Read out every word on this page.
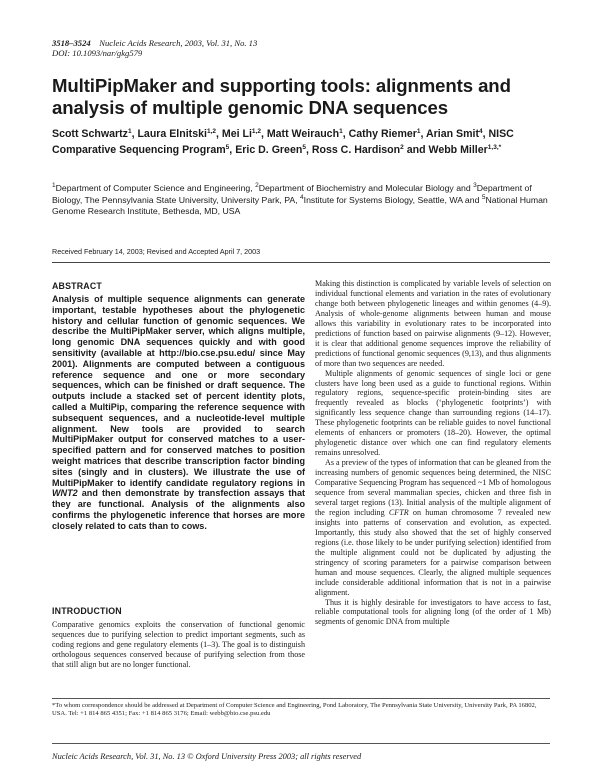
3518–3524 Nucleic Acids Research, 2003, Vol. 31, No. 13
DOI: 10.1093/nar/gkg579
MultiPipMaker and supporting tools: alignments and analysis of multiple genomic DNA sequences
Scott Schwartz$^1$, Laura Elnitski$^{1,2}$, Mei Li$^{1,2}$, Matt Weirauch$^1$, Cathy Riemer$^1$, Arian Smit$^4$, NISC Comparative Sequencing Program$^5$, Eric D. Green$^5$, Ross C. Hardison$^2$ and Webb Miller$^{1,3,*}$
$^1$Department of Computer Science and Engineering, $^2$Department of Biochemistry and Molecular Biology and $^3$Department of Biology, The Pennsylvania State University, University Park, PA, $^4$Institute for Systems Biology, Seattle, WA and $^5$National Human Genome Research Institute, Bethesda, MD, USA
Received February 14, 2003; Revised and Accepted April 7, 2003
ABSTRACT
Analysis of multiple sequence alignments can generate important, testable hypotheses about the phylogenetic history and cellular function of genomic sequences. We describe the MultiPipMaker server, which aligns multiple, long genomic DNA sequences quickly and with good sensitivity (available at http://bio.cse.psu.edu/ since May 2001). Alignments are computed between a contiguous reference sequence and one or more secondary sequences, which can be finished or draft sequence. The outputs include a stacked set of percent identity plots, called a MultiPip, comparing the reference sequence with subsequent sequences, and a nucleotide-level multiple alignment. New tools are provided to search MultiPipMaker output for conserved matches to a user-specified pattern and for conserved matches to position weight matrices that describe transcription factor binding sites (singly and in clusters). We illustrate the use of MultiPipMaker to identify candidate regulatory regions in WNT2 and then demonstrate by transfection assays that they are functional. Analysis of the alignments also confirms the phylogenetic inference that horses are more closely related to cats than to cows.
INTRODUCTION

Comparative genomics exploits the conservation of functional genomic sequences due to purifying selection to predict important segments, such as coding regions and gene regulatory elements (1–3). The goal is to distinguish orthologous sequences conserved because of purifying selection from those that still align but are no longer functional.

Making this distinction is complicated by variable levels of selection on individual functional elements and variation in the rates of evolutionary change both between phylogenetic lineages and within genomes (4–9). Analysis of whole-genome alignments between human and mouse allows this variability in evolutionary rates to be incorporated into predictions of function based on pairwise alignments (9–12). However, it is clear that additional genome sequences improve the reliability of predictions of functional genomic sequences (9,13), and thus alignments of more than two sequences are needed.

Multiple alignments of genomic sequences of single loci or gene clusters have long been used as a guide to functional regions. Within regulatory regions, sequence-specific protein-binding sites are frequently revealed as blocks (‘phylogenetic footprints’) with significantly less sequence change than surrounding regions (14–17). These phylogenetic footprints can be reliable guides to novel functional elements of enhancers or promoters (18–20). However, the optimal phylogenetic distance over which one can find regulatory elements remains unresolved.

As a preview of the types of information that can be gleaned from the increasing numbers of genomic sequences being determined, the NISC Comparative Sequencing Program has sequenced ~1 Mb of homologous sequence from several mammalian species, chicken and three fish in several target regions (13). Initial analysis of the multiple alignment of the region including CFTR on human chromosome 7 revealed new insights into patterns of conservation and evolution, as expected. Importantly, this study also showed that the set of highly conserved regions (i.e. those likely to be under purifying selection) identified from the multiple alignment could not be duplicated by adjusting the stringency of scoring parameters for a pairwise comparison between human and mouse sequences. Clearly, the aligned multiple sequences include considerable additional information that is not in a pairwise alignment.

Thus it is highly desirable for investigators to have access to fast, reliable computational tools for aligning long (of the order of 1 Mb) segments of genomic DNA from multiple

*To whom correspondence should be addressed at Department of Computer Science and Engineering, Pond Laboratory, The Pennsylvania State University, University Park, PA 16802, USA. Tel: +1 814 865 4351; Fax: +1 814 865 3176; Email: webb@bio.cse.psu.edu
Nucleic Acids Research, Vol. 31, No. 13 © Oxford University Press 2003; all rights reserved
